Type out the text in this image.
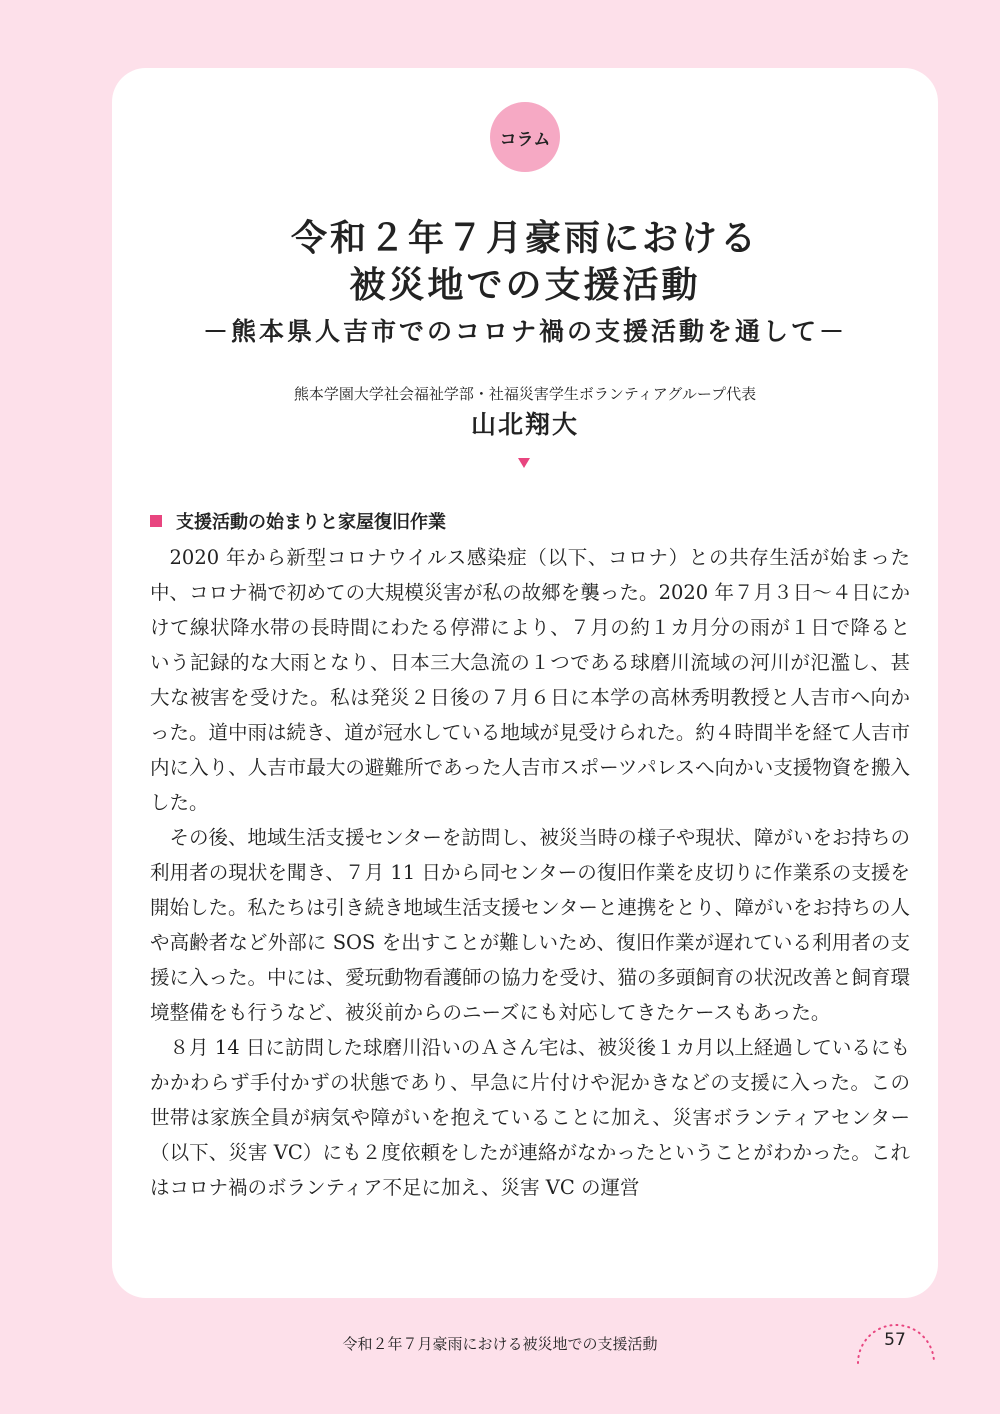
コラム
令和２年７月豪雨における
被災地での支援活動
－熊本県人吉市でのコロナ禍の支援活動を通して－
熊本学園大学社会福祉学部・社福災害学生ボランティアグループ代表
山北翔大
支援活動の始まりと家屋復旧作業

2020 年から新型コロナウイルス感染症（以下、コロナ）との共存生活が始まった中、コロナ禍で初めての大規模災害が私の故郷を襲った。2020 年７月３日〜４日にかけて線状降水帯の長時間にわたる停滞により、７月の約１カ月分の雨が１日で降るという記録的な大雨となり、日本三大急流の１つである球磨川流域の河川が氾濫し、甚大な被害を受けた。私は発災２日後の７月６日に本学の高林秀明教授と人吉市へ向かった。道中雨は続き、道が冠水している地域が見受けられた。約４時間半を経て人吉市内に入り、人吉市最大の避難所であった人吉市スポーツパレスへ向かい支援物資を搬入した。

その後、地域生活支援センターを訪問し、被災当時の様子や現状、障がいをお持ちの利用者の現状を聞き、７月 11 日から同センターの復旧作業を皮切りに作業系の支援を開始した。私たちは引き続き地域生活支援センターと連携をとり、障がいをお持ちの人や高齢者など外部に SOS を出すことが難しいため、復旧作業が遅れている利用者の支援に入った。中には、愛玩動物看護師の協力を受け、猫の多頭飼育の状況改善と飼育環境整備をも行うなど、被災前からのニーズにも対応してきたケースもあった。

８月 14 日に訪問した球磨川沿いのＡさん宅は、被災後１カ月以上経過しているにもかかわらず手付かずの状態であり、早急に片付けや泥かきなどの支援に入った。この世帯は家族全員が病気や障がいを抱えていることに加え、災害ボランティアセンター（以下、災害 VC）にも２度依頼をしたが連絡がなかったということがわかった。これはコロナ禍のボランティア不足に加え、災害 VC の運営

令和２年７月豪雨における被災地での支援活動	57
